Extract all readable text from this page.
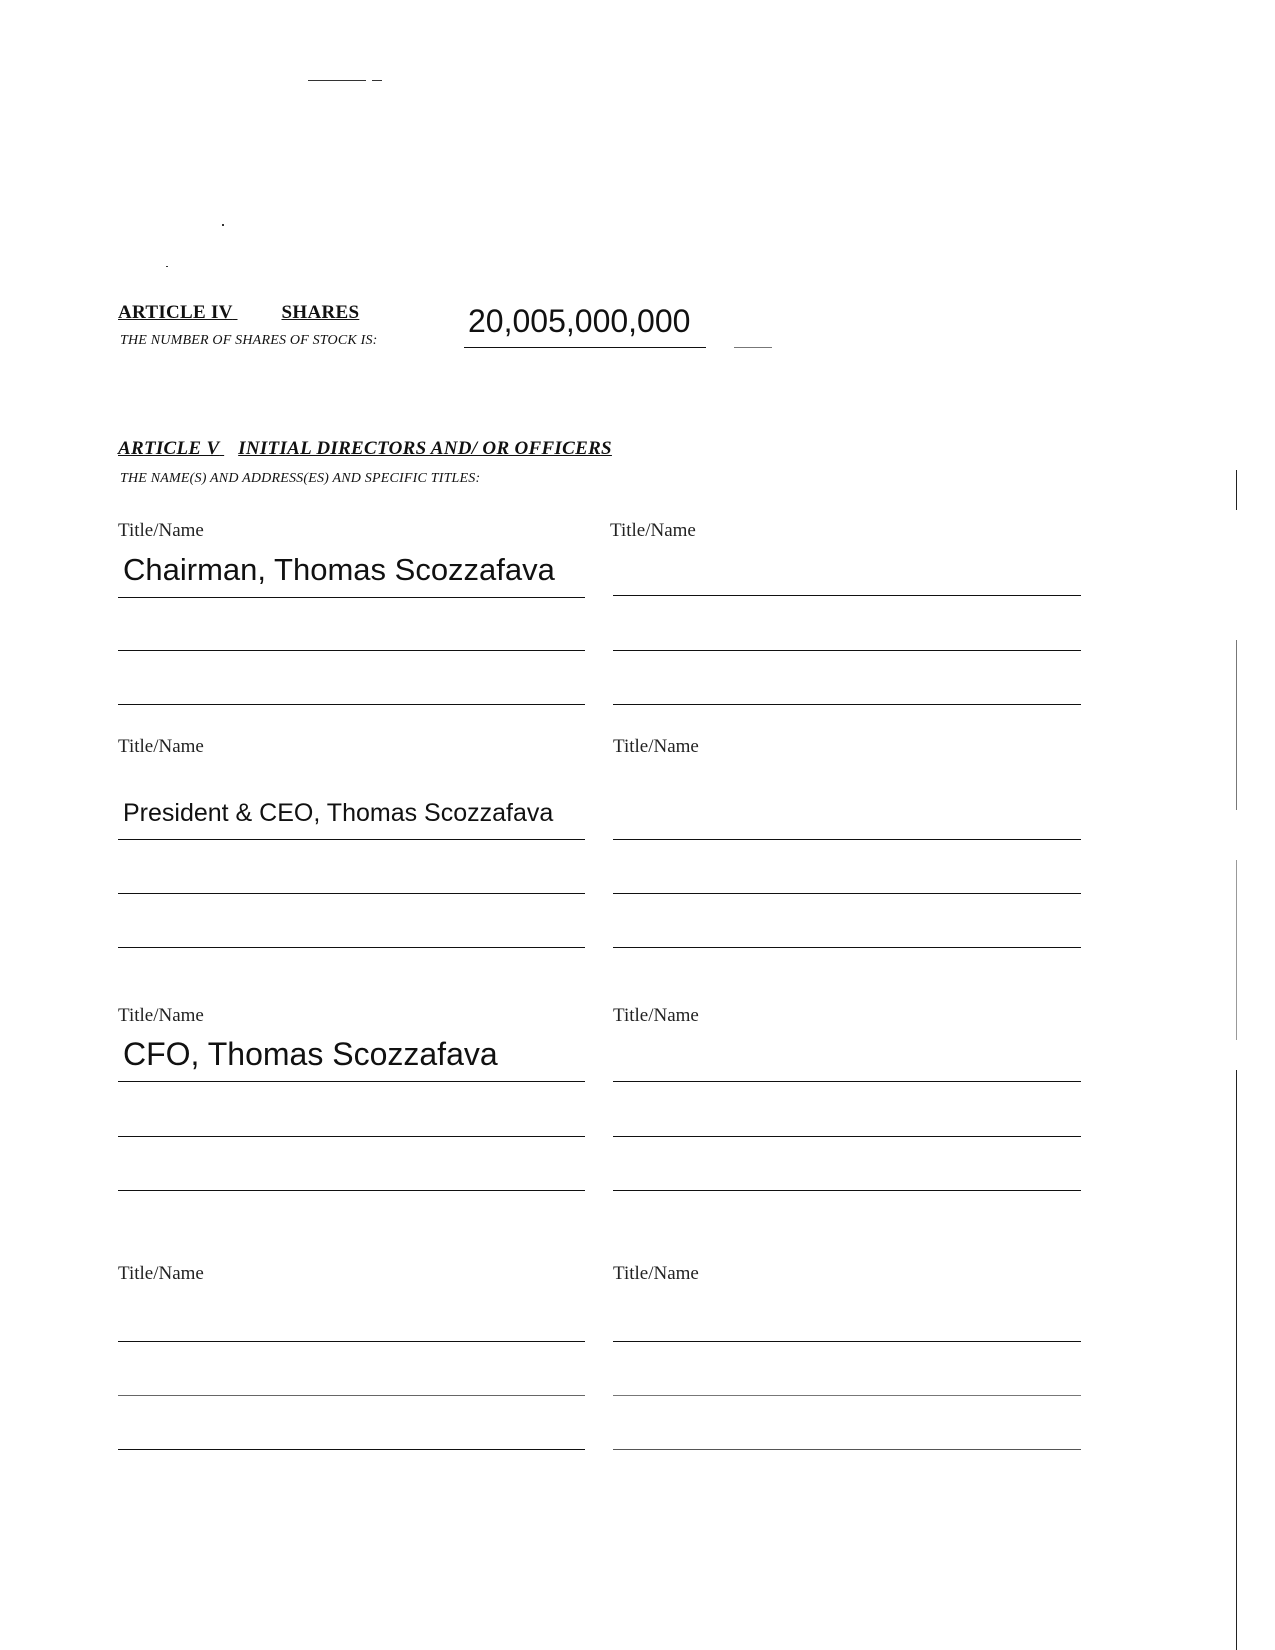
ARTICLE IV	SHARES
THE NUMBER OF SHARES OF STOCK IS:
20,005,000,000
ARTICLE V INITIAL DIRECTORS AND/ OR OFFICERS
THE NAME(S) AND ADDRESS(ES) AND SPECIFIC TITLES:
Title/Name	Title/Name
Chairman, Thomas Scozzafava
Title/Name	Title/Name
President & CEO, Thomas Scozzafava
Title/Name	Title/Name
CFO, Thomas Scozzafava
Title/Name	Title/Name
